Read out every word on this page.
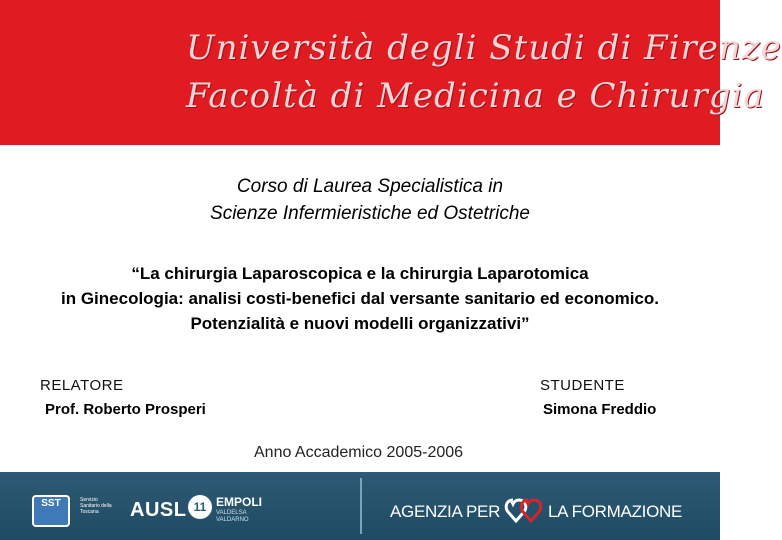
Università degli Studi di Firenze
Facoltà di Medicina e Chirurgia
Corso di Laurea Specialistica in
Scienze Infermieristiche ed Ostetriche
“La chirurgia Laparoscopica e la chirurgia Laparotomica
in Ginecologia: analisi costi-benefici dal versante sanitario ed economico.
Potenzialità e nuovi modelli organizzativi”
RELATORE
Prof. Roberto Prosperi
STUDENTE
Simona Freddio
Anno Accademico 2005-2006
SST	Servizio Sanitario della Toscana	AUSL 11 EMPOLI
VALDELSA VALDARNO	AGENZIA PER	LA FORMAZIONE
